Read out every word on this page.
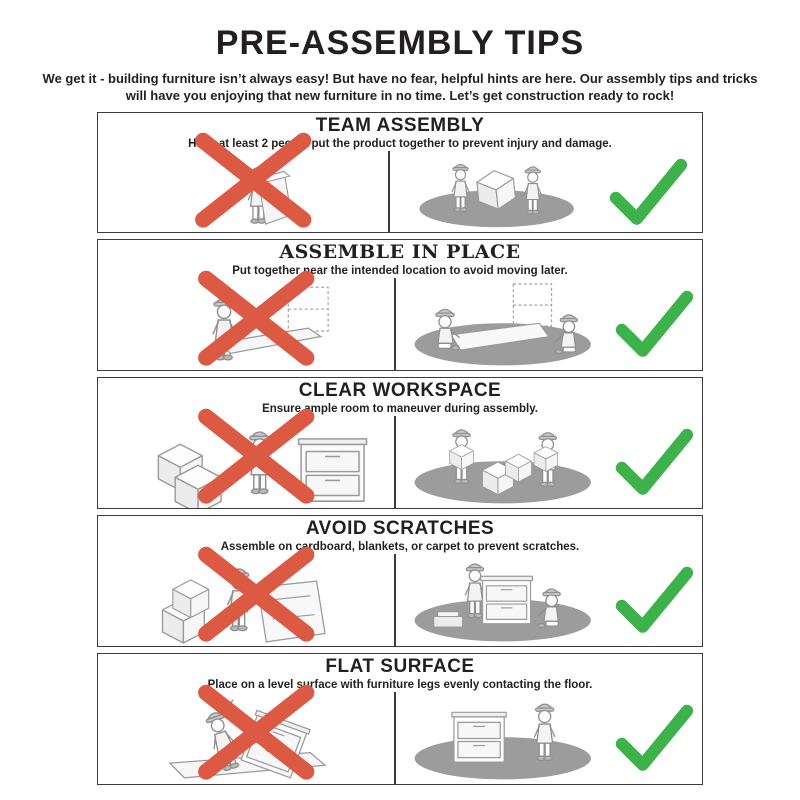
PRE-ASSEMBLY TIPS
We get it - building furniture isn’t always easy! But have no fear, helpful hints are here. Our assembly tips and tricks
will have you enjoying that new furniture in no time. Let’s get construction ready to rock!
TEAM ASSEMBLY
Have at least 2 people put the product together to prevent injury and damage.
ASSEMBLE IN PLACE
Put together near the intended location to avoid moving later.
CLEAR WORKSPACE
Ensure ample room to maneuver during assembly.
AVOID SCRATCHES
Assemble on cardboard, blankets, or carpet to prevent scratches.
FLAT SURFACE
Place on a level surface with furniture legs evenly contacting the floor.
